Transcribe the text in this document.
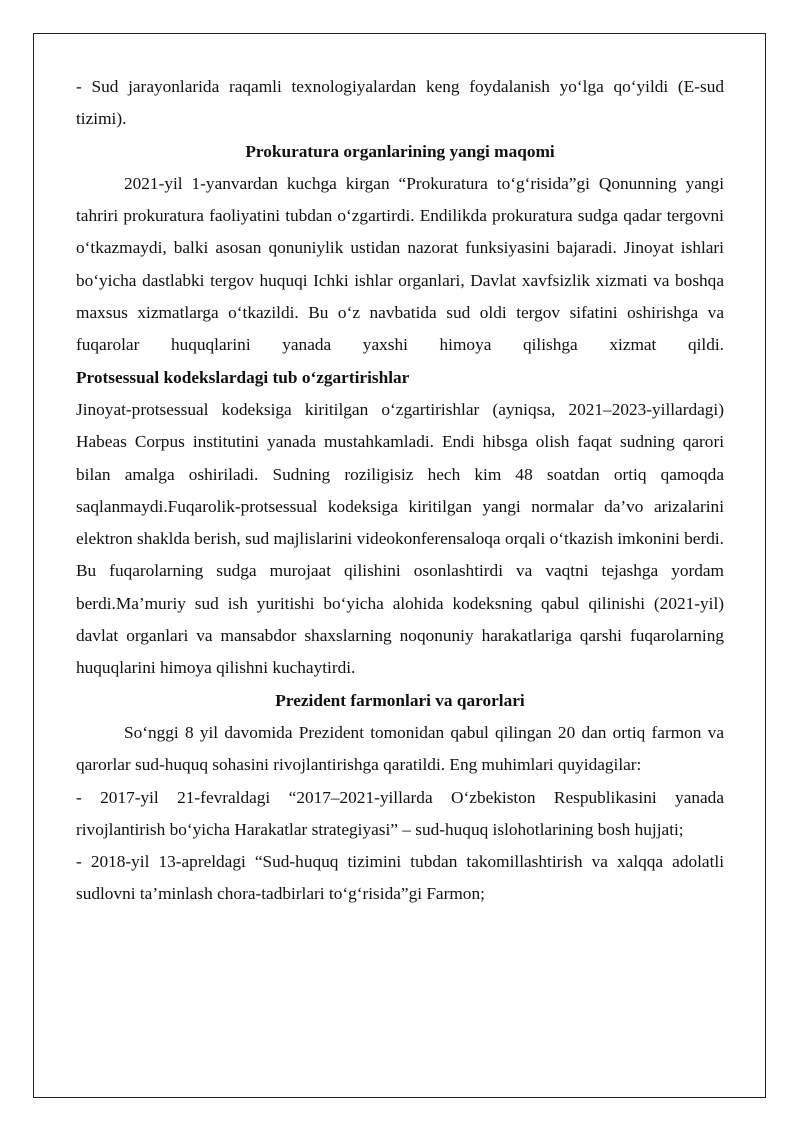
- Sud jarayonlarida raqamli texnologiyalardan keng foydalanish yo‘lga qo‘yildi (E-sud tizimi).

Prokuratura organlarining yangi maqomi

2021-yil 1-yanvardan kuchga kirgan “Prokuratura to‘g‘risida”gi Qonunning yangi tahriri prokuratura faoliyatini tubdan o‘zgartirdi. Endilikda prokuratura sudga qadar tergovni o‘tkazmaydi, balki asosan qonuniylik ustidan nazorat funksiyasini bajaradi. Jinoyat ishlari bo‘yicha dastlabki tergov huquqi Ichki ishlar organlari, Davlat xavfsizlik xizmati va boshqa maxsus xizmatlarga o‘tkazildi. Bu o‘z navbatida sud oldi tergov sifatini oshirishga va fuqarolar huquqlarini yanada yaxshi himoya qilishga xizmat qildi.

Protsessual kodekslardagi tub o‘zgartirishlar

Jinoyat-protsessual kodeksiga kiritilgan o‘zgartirishlar (ayniqsa, 2021–2023-yillardagi) Habeas Corpus institutini yanada mustahkamladi. Endi hibsga olish faqat sudning qarori bilan amalga oshiriladi. Sudning roziligisiz hech kim 48 soatdan ortiq qamoqda saqlanmaydi.Fuqarolik-protsessual kodeksiga kiritilgan yangi normalar da’vo arizalarini elektron shaklda berish, sud majlislarini videokonferensaloqa orqali o‘tkazish imkonini berdi. Bu fuqarolarning sudga murojaat qilishini osonlashtirdi va vaqtni tejashga yordam berdi.Ma’muriy sud ish yuritishi bo‘yicha alohida kodeksning qabul qilinishi (2021-yil) davlat organlari va mansabdor shaxslarning noqonuniy harakatlariga qarshi fuqarolarning huquqlarini himoya qilishni kuchaytirdi.

Prezident farmonlari va qarorlari

So‘nggi 8 yil davomida Prezident tomonidan qabul qilingan 20 dan ortiq farmon va qarorlar sud-huquq sohasini rivojlantirishga qaratildi. Eng muhimlari quyidagilar:

- 2017-yil 21-fevraldagi “2017–2021-yillarda O‘zbekiston Respublikasini yanada rivojlantirish bo‘yicha Harakatlar strategiyasi” – sud-huquq islohotlarining bosh hujjati;

- 2018-yil 13-apreldagi “Sud-huquq tizimini tubdan takomillashtirish va xalqqa adolatli sudlovni ta’minlash chora-tadbirlari to‘g‘risida”gi Farmon;
